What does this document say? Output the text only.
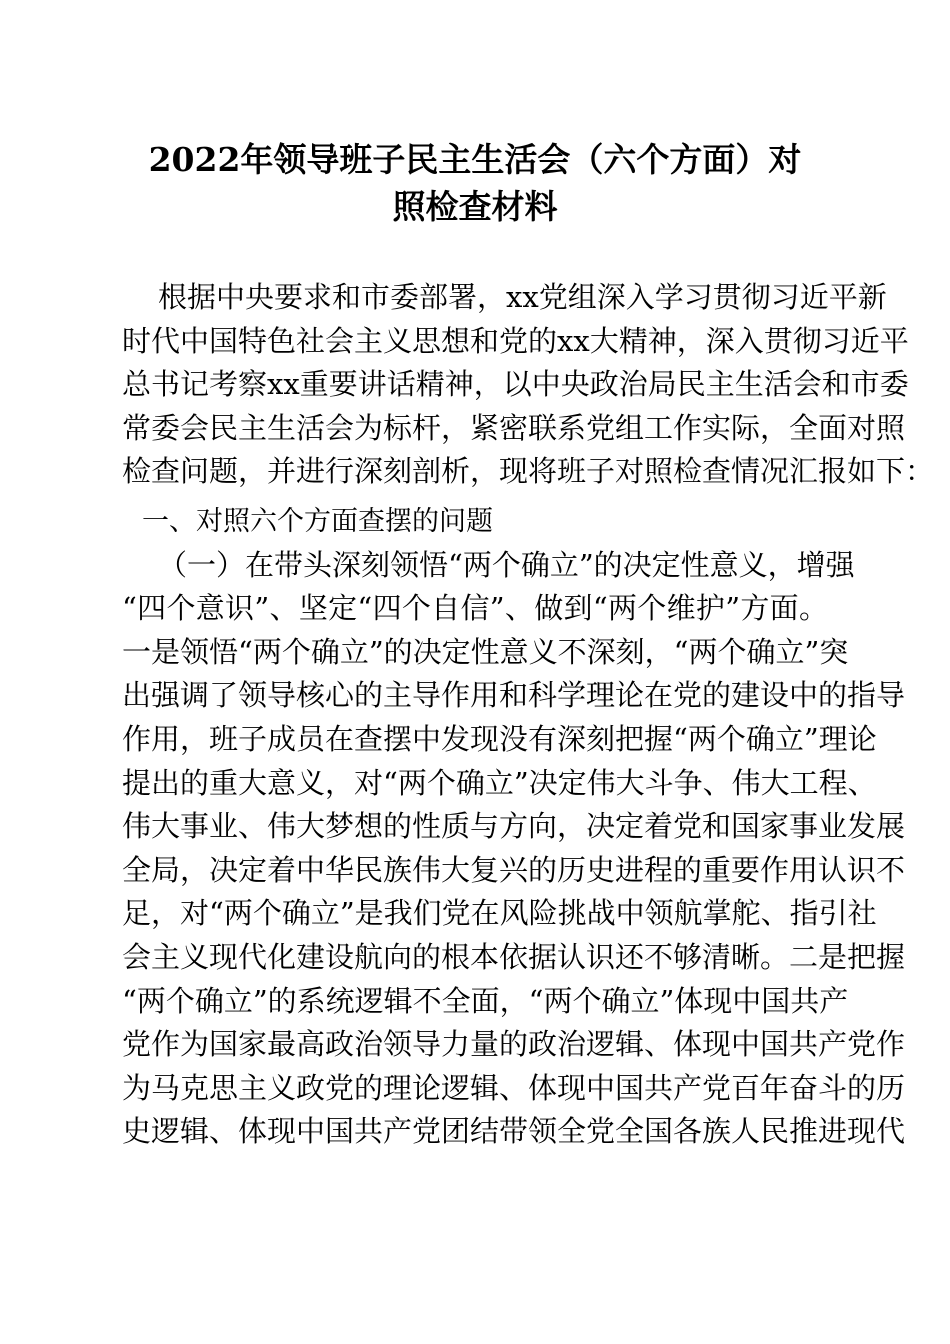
2022年领导班子民主生活会（六个方面）对
照检查材料
根据中央要求和市委部署，xx党组深入学习贯彻习近平新
时代中国特色社会主义思想和党的xx大精神，深入贯彻习近平
总书记考察xx重要讲话精神，以中央政治局民主生活会和市委
常委会民主生活会为标杆，紧密联系党组工作实际，全面对照
检查问题，并进行深刻剖析，现将班子对照检查情况汇报如下：
一、对照六个方面查摆的问题
（一）在带头深刻领悟“两个确立”的决定性意义，增强
“四个意识”、坚定“四个自信”、做到“两个维护”方面。
一是领悟“两个确立”的决定性意义不深刻，“两个确立”突
出强调了领导核心的主导作用和科学理论在党的建设中的指导
作用，班子成员在查摆中发现没有深刻把握“两个确立”理论
提出的重大意义，对“两个确立”决定伟大斗争、伟大工程、
伟大事业、伟大梦想的性质与方向，决定着党和国家事业发展
全局，决定着中华民族伟大复兴的历史进程的重要作用认识不
足，对“两个确立”是我们党在风险挑战中领航掌舵、指引社
会主义现代化建设航向的根本依据认识还不够清晰。二是把握
“两个确立”的系统逻辑不全面，“两个确立”体现中国共产
党作为国家最高政治领导力量的政治逻辑、体现中国共产党作
为马克思主义政党的理论逻辑、体现中国共产党百年奋斗的历
史逻辑、体现中国共产党团结带领全党全国各族人民推进现代
